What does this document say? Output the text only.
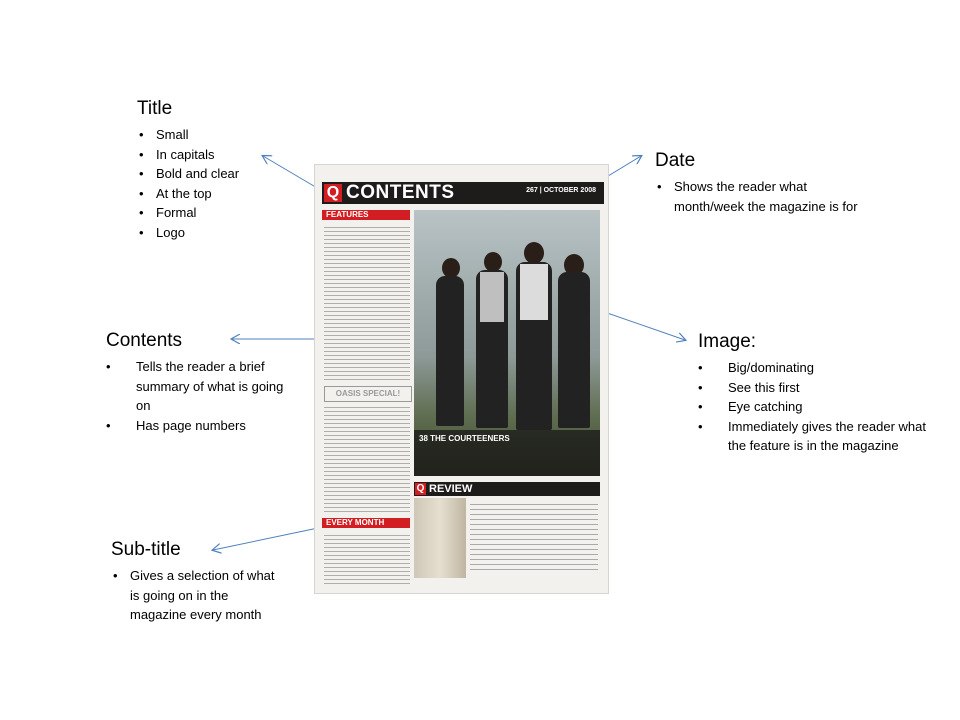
Q CONTENTS	267 | OCTOBER 2008
FEATURES
OASIS SPECIAL!
EVERY MONTH
38 THE COURTEENERS
Q REVIEW
Title
• Small
• In capitals
• Bold and clear
• At the top
• Formal
• Logo
Date
• Shows the reader what month/week the magazine is for
Contents
• Tells the reader a brief summary of what is going on
• Has page numbers
Image:
• Big/dominating
• See this first
• Eye catching
• Immediately gives the reader what the feature is in the magazine
Sub-title
• Gives a selection of what is going on in the magazine every month
